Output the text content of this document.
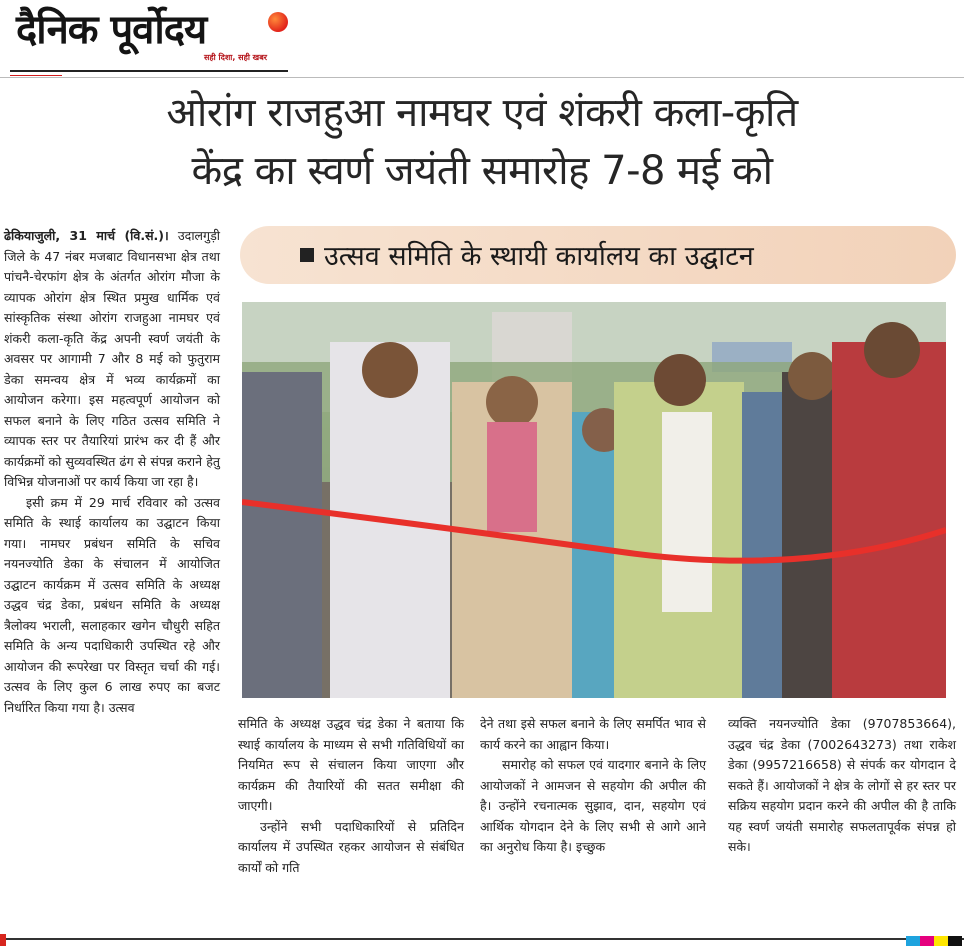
दैनिक पूर्वोदय
सही दिशा, सही खबर
ओरांग राजहुआ नामघर एवं शंकरी कला-कृति
केंद्र का स्वर्ण जयंती समारोह 7-8 मई को

ढेकियाजुली, 31 मार्च (वि.सं.)। उदालगुड़ी जिले के 47 नंबर मजबाट विधानसभा क्षेत्र तथा पांचनै-चेरफांग क्षेत्र के अंतर्गत ओरांग मौजा के व्यापक ओरांग क्षेत्र स्थित प्रमुख धार्मिक एवं सांस्कृतिक संस्था ओरांग राजहुआ नामघर एवं शंकरी कला-कृति केंद्र अपनी स्वर्ण जयंती के अवसर पर आगामी 7 और 8 मई को फुतुराम डेका समन्वय क्षेत्र में भव्य कार्यक्रमों का आयोजन करेगा। इस महत्वपूर्ण आयोजन को सफल बनाने के लिए गठित उत्सव समिति ने व्यापक स्तर पर तैयारियां प्रारंभ कर दी हैं और कार्यक्रमों को सुव्यवस्थित ढंग से संपन्न कराने हेतु विभिन्न योजनाओं पर कार्य किया जा रहा है।

इसी क्रम में 29 मार्च रविवार को उत्सव समिति के स्थाई कार्यालय का उद्घाटन किया गया। नामघर प्रबंधन समिति के सचिव नयनज्योति डेका के संचालन में आयोजित उद्घाटन कार्यक्रम में उत्सव समिति के अध्यक्ष उद्धव चंद्र डेका, प्रबंधन समिति के अध्यक्ष त्रैलोक्य भराली, सलाहकार खगेन चौधुरी सहित समिति के अन्य पदाधिकारी उपस्थित रहे और आयोजन की रूपरेखा पर विस्तृत चर्चा की गई। उत्सव के लिए कुल 6 लाख रुपए का बजट निर्धारित किया गया है। उत्सव

उत्सव समिति के स्थायी कार्यालय का उद्घाटन

समिति के अध्यक्ष उद्धव चंद्र डेका ने बताया कि स्थाई कार्यालय के माध्यम से सभी गतिविधियों का नियमित रूप से संचालन किया जाएगा और कार्यक्रम की तैयारियों की सतत समीक्षा की जाएगी।

उन्होंने सभी पदाधिकारियों से प्रतिदिन कार्यालय में उपस्थित रहकर आयोजन से संबंधित कार्यों को गति

देने तथा इसे सफल बनाने के लिए समर्पित भाव से कार्य करने का आह्वान किया।

समारोह को सफल एवं यादगार बनाने के लिए आयोजकों ने आमजन से सहयोग की अपील की है। उन्होंने रचनात्मक सुझाव, दान, सहयोग एवं आर्थिक योगदान देने के लिए सभी से आगे आने का अनुरोध किया है। इच्छुक

व्यक्ति नयनज्योति डेका (9707853664), उद्धव चंद्र डेका (7002643273) तथा राकेश डेका (9957216658) से संपर्क कर योगदान दे सकते हैं। आयोजकों ने क्षेत्र के लोगों से हर स्तर पर सक्रिय सहयोग प्रदान करने की अपील की है ताकि यह स्वर्ण जयंती समारोह सफलतापूर्वक संपन्न हो सके।
